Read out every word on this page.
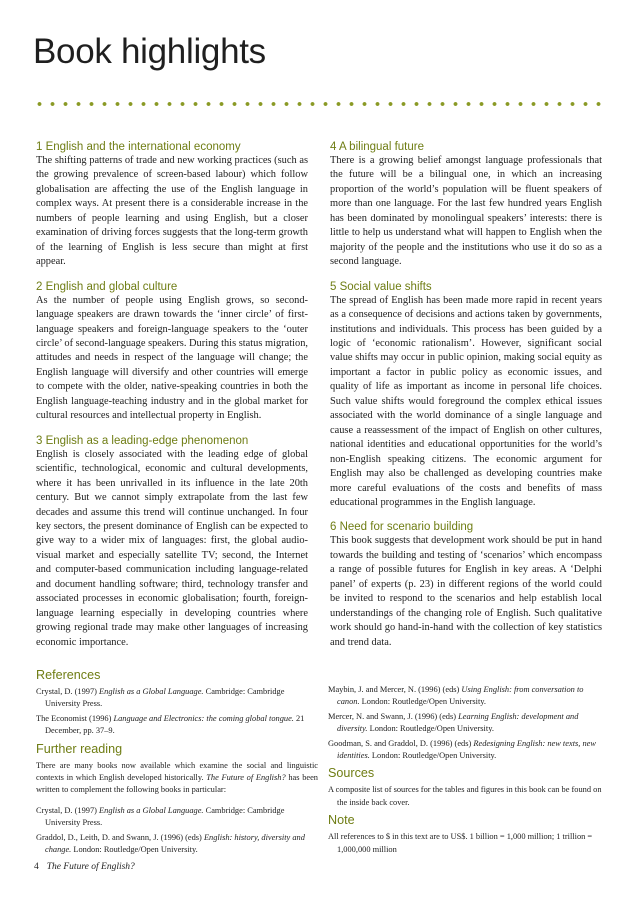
Book highlights
1 English and the international economy

The shifting patterns of trade and new working practices (such as the growing prevalence of screen-based labour) which follow globalisation are affecting the use of the English language in complex ways. At present there is a considerable increase in the numbers of people learning and using English, but a closer examination of driving forces suggests that the long-term growth of the learning of English is less secure than might at first appear.

2 English and global culture

As the number of people using English grows, so second-language speakers are drawn towards the ‘inner circle’ of first-language speakers and foreign-language speakers to the ‘outer circle’ of second-language speakers. During this status migration, attitudes and needs in respect of the language will change; the English language will diversify and other countries will emerge to compete with the older, native-speaking countries in both the English language-teaching industry and in the global market for cultural resources and intellectual property in English.

3 English as a leading-edge phenomenon

English is closely associated with the leading edge of global scientific, technological, economic and cultural developments, where it has been unrivalled in its influence in the late 20th century. But we cannot simply extrapolate from the last few decades and assume this trend will continue unchanged. In four key sectors, the present dominance of English can be expected to give way to a wider mix of languages: first, the global audio-visual market and especially satellite TV; second, the Internet and computer-based communication including language-related and document handling software; third, technology transfer and associated processes in economic globalisation; fourth, foreign-language learning especially in developing countries where growing regional trade may make other languages of increasing economic importance.

4 A bilingual future

There is a growing belief amongst language professionals that the future will be a bilingual one, in which an increasing proportion of the world’s population will be fluent speakers of more than one language. For the last few hundred years English has been dominated by monolingual speakers’ interests: there is little to help us understand what will happen to English when the majority of the people and the institutions who use it do so as a second language.

5 Social value shifts

The spread of English has been made more rapid in recent years as a consequence of decisions and actions taken by governments, institutions and individuals. This process has been guided by a logic of ‘economic rationalism’. However, significant social value shifts may occur in public opinion, making social equity as important a factor in public policy as economic issues, and quality of life as important as income in personal life choices. Such value shifts would foreground the complex ethical issues associated with the world dominance of a single language and cause a reassessment of the impact of English on other cultures, national identities and educational opportunities for the world’s non-English speaking citizens. The economic argument for English may also be challenged as developing countries make more careful evaluations of the costs and benefits of mass educational programmes in the English language.

6 Need for scenario building

This book suggests that development work should be put in hand towards the building and testing of ‘scenarios’ which encompass a range of possible futures for English in key areas. A ‘Delphi panel’ of experts (p. 23) in different regions of the world could be invited to respond to the scenarios and help establish local understandings of the changing role of English. Such qualitative work should go hand-in-hand with the collection of key statistics and trend data.

References

Crystal, D. (1997) English as a Global Language. Cambridge: Cambridge University Press.

The Economist (1996) Language and Electronics: the coming global tongue. 21 December, pp. 37–9.

Further reading

There are many books now available which examine the social and linguistic contexts in which English developed historically. The Future of English? has been written to complement the following books in particular:

Crystal, D. (1997) English as a Global Language. Cambridge: Cambridge University Press.

Graddol, D., Leith, D. and Swann, J. (1996) (eds) English: history, diversity and change. London: Routledge/Open University.

Maybin, J. and Mercer, N. (1996) (eds) Using English: from conversation to canon. London: Routledge/Open University.

Mercer, N. and Swann, J. (1996) (eds) Learning English: development and diversity. London: Routledge/Open University.

Goodman, S. and Graddol, D. (1996) (eds) Redesigning English: new texts, new identities. London: Routledge/Open University.

Sources

A composite list of sources for the tables and figures in this book can be found on the inside back cover.

Note

All references to $ in this text are to US$. 1 billion = 1,000 million; 1 trillion = 1,000,000 million

4 The Future of English?
